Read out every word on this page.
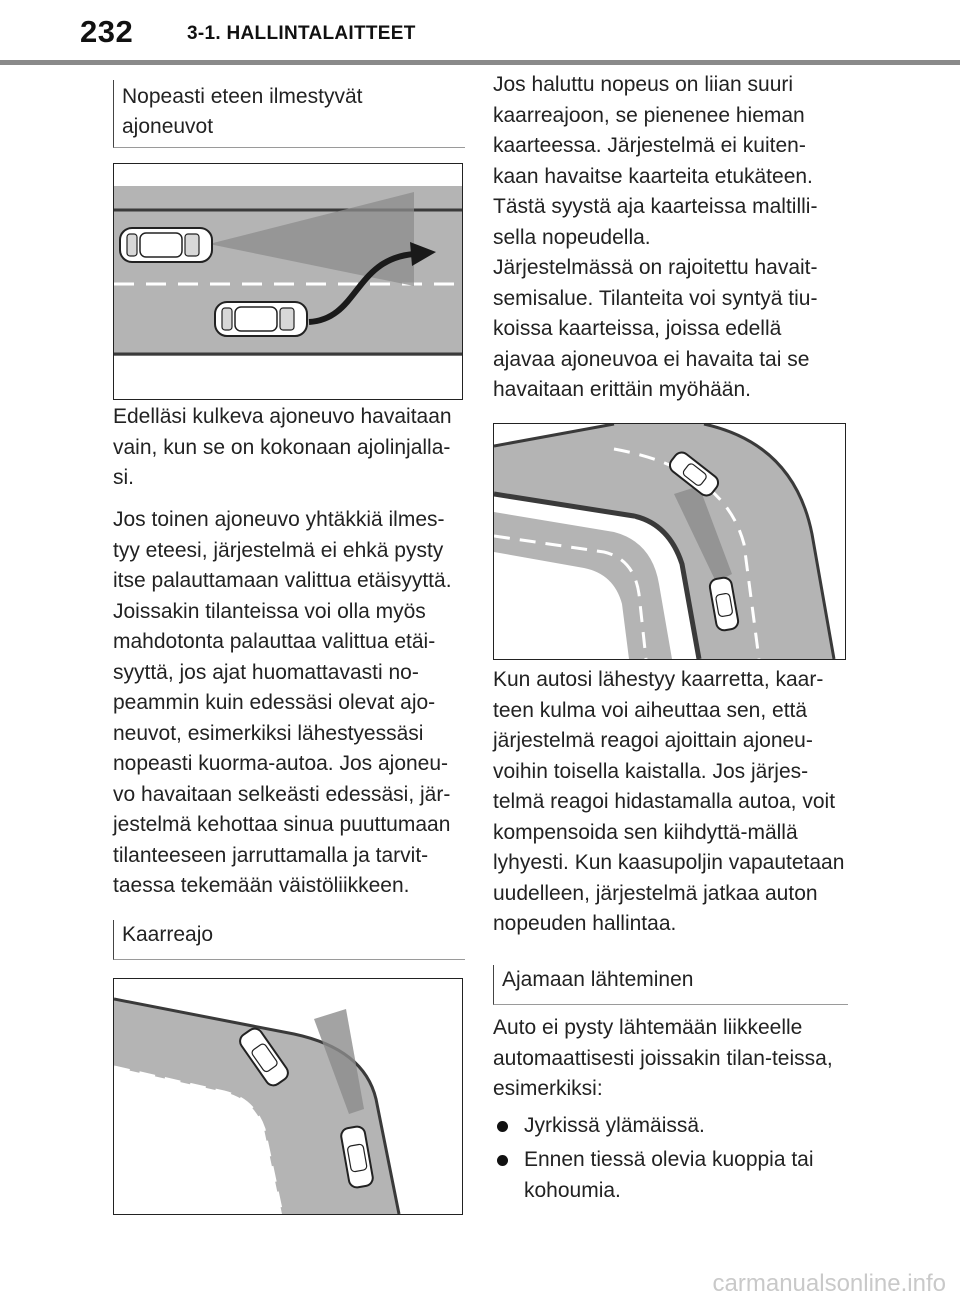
232	3-1. HALLINTALAITTEET
Nopeasti eteen ilmestyvät ajoneuvot

Edelläsi kulkeva ajoneuvo havaitaan vain, kun se on kokonaan ajolinjalla-si.

Jos toinen ajoneuvo yhtäkkiä ilmes-tyy eteesi, järjestelmä ei ehkä pysty itse palauttamaan valittua etäisyyttä. Joissakin tilanteissa voi olla myös mahdotonta palauttaa valittua etäi-syyttä, jos ajat huomattavasti no-peammin kuin edessäsi olevat ajo-neuvot, esimerkiksi lähestyessäsi nopeasti kuorma-autoa. Jos ajoneu-vo havaitaan selkeästi edessäsi, jär-jestelmä kehottaa sinua puuttumaan tilanteeseen jarruttamalla ja tarvit-taessa tekemään väistöliikkeen.

Kaarreajo

Jos haluttu nopeus on liian suuri kaarreajoon, se pienenee hieman kaarteessa. Järjestelmä ei kuiten-kaan havaitse kaarteita etukäteen. Tästä syystä aja kaarteissa maltilli-sella nopeudella.

Järjestelmässä on rajoitettu havait-semisalue. Tilanteita voi syntyä tiu-koissa kaarteissa, joissa edellä ajavaa ajoneuvoa ei havaita tai se havaitaan erittäin myöhään.

Kun autosi lähestyy kaarretta, kaar-teen kulma voi aiheuttaa sen, että järjestelmä reagoi ajoittain ajoneu-voihin toisella kaistalla. Jos järjes-telmä reagoi hidastamalla autoa, voit kompensoida sen kiihdyttä-mällä lyhyesti. Kun kaasupoljin vapautetaan uudelleen, järjestelmä jatkaa auton nopeuden hallintaa.

Ajamaan lähteminen

Auto ei pysty lähtemään liikkeelle automaattisesti joissakin tilan-teissa, esimerkiksi:

Jyrkissä ylämäissä.
Ennen tiessä olevia kuoppia tai kohoumia.
carmanualsonline.info
